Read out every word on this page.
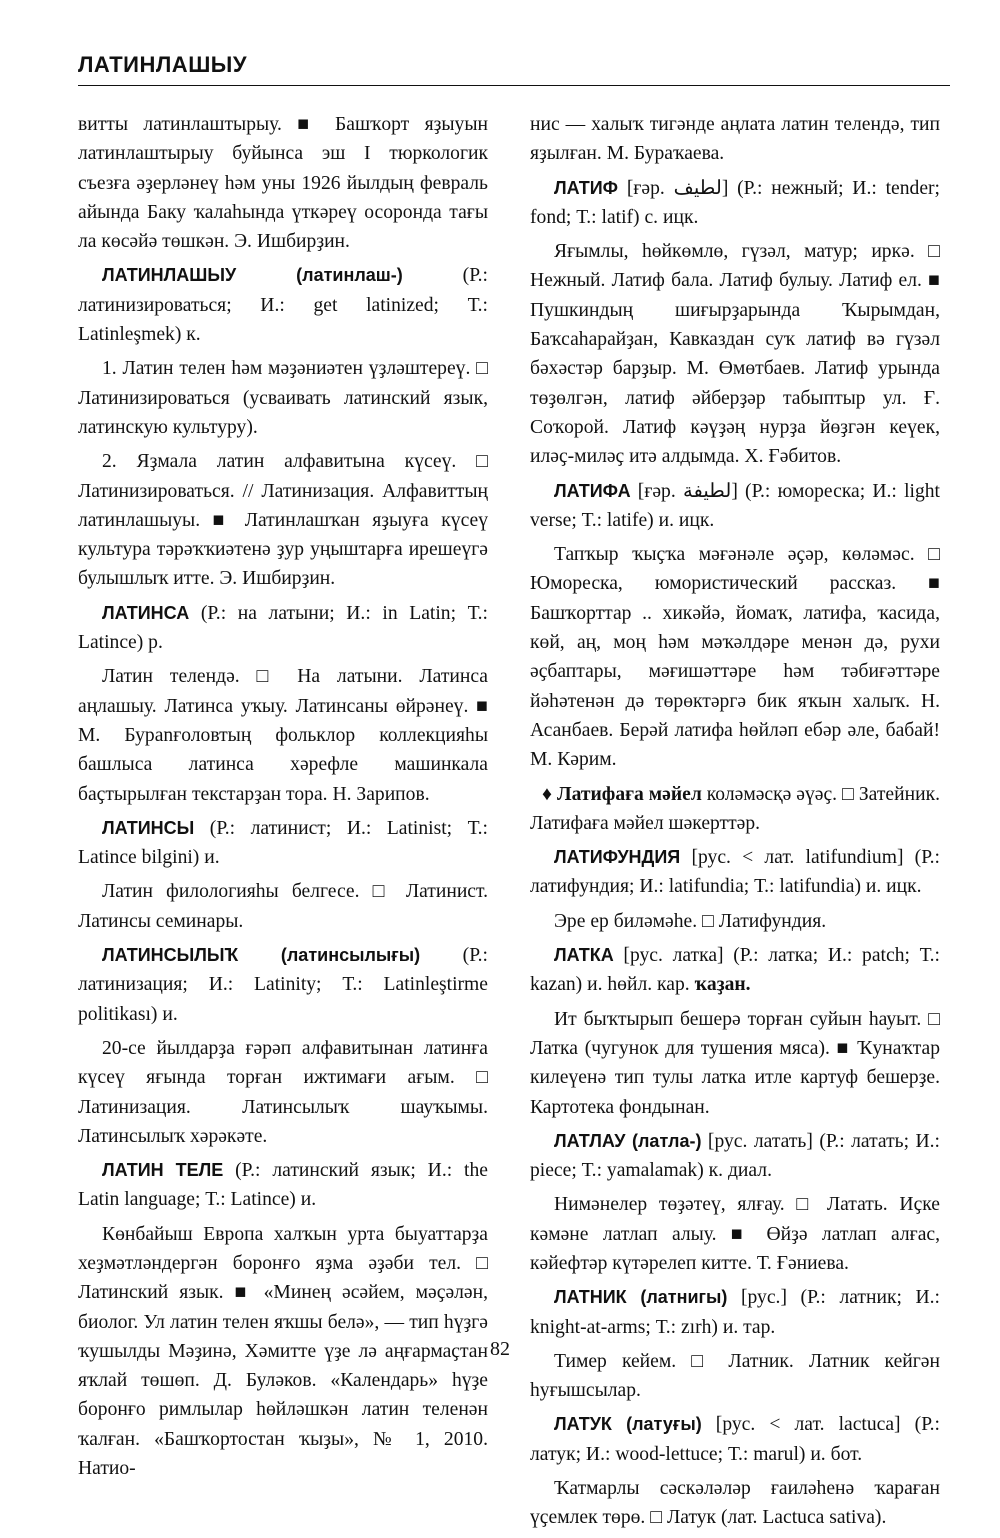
ЛАТИНЛАШЫУ

витты латинлаштырыу. ■ Башҡорт яҙыуын латинлаштырыу буйынса эш I тюркологик съезға әҙерләнеү һәм уны 1926 йылдың февраль айында Баку ҡалаһында үткәреү осоронда тағы ла көсәйә төшкән. Э. Ишбирҙин.

ЛАТИНЛАШЫУ (латинлаш-) (Р.: латинизироваться; И.: get latinized; Т.: Latinleşmek) к.

1. Латин телен һәм мәҙәниәтен үҙләштереү. □ Латинизироваться (усваивать латинский язык, латинскую культуру).

2. Яҙмала латин алфавитына күсеү. □ Латинизироваться. // Латинизация. Алфавиттың латинлашыуы. ■ Латинлашҡан яҙыуға күсеү культура тәрәҡҡиәтенә ҙур уңыштарға ирешеүгә булышлыҡ итте. Э. Ишбирҙин.

ЛАТИНСА (Р.: на латыни; И.: in Latin; Т.: Latince) р.

Латин телендә. □ На латыни. Латинса аңлашыу. Латинса уҡыу. Латинсаны өйрәнеү. ■ М. Бурanғоловтың фольклор коллекцияһы башлыса латинса хәрефле машинкала баҫтырылған текстарҙан тора. Н. Зарипов.

ЛАТИНСЫ (Р.: латинист; И.: Latinist; Т.: Latince bilgini) и.

Латин филологияһы белгесе. □ Латинист. Латинсы семинары.

ЛАТИНСЫЛЫҠ (латинсылығы) (Р.: латинизация; И.: Latinity; Т.: Latinleştirme politikası) и.

20-се йылдарҙа ғәрәп алфавитынан латинға күсеү яғында торған ижтимағи ағым. □ Латинизация. Латинсылыҡ шауҡымы. Латинсылыҡ хәрәкәте.

ЛАТИН ТЕЛЕ (Р.: латинский язык; И.: the Latin language; Т.: Latince) и.

Көнбайыш Европа халҡын урта быуаттарҙа хеҙмәтләндергән боронғо яҙма әҙәби тел. □ Латинский язык. ■ «Минең әсәйем, мәҫәлән, биолог. Ул латин телен яҡшы белә», — тип һүҙгә ҡушылды Мәҙинә, Хәмитте үҙе лә аңғармаҫтан яҡлай төшөп. Д. Буләков. «Календарь» һүҙе боронғо римлылар һөйләшкән латин теленән ҡалған. «Башҡортостан ҡыҙы», № 1, 2010. Натио-

нис — халыҡ тигәнде аңлата латин телендә, тип яҙылған. М. Бураҡаева.

ЛАТИФ [ғәр. لطيف] (Р.: нежный; И.: tender; fond; Т.: latif) с. ицк.

Яғымлы, һөйкөмлө, гүзәл, матур; иркә. □ Нежный. Латиф бала. Латиф булыу. Латиф ел. ■ Пушкиндың шиғырҙарында Ҡырымдан, Баҡсаһарайҙан, Кавказдан суҡ латиф вә гүзәл бәхәстәр барҙыр. М. Өмөтбаев. Латиф урында төҙөлгән, латиф әйберҙәр табыптыр ул. Ғ. Соҡорой. Латиф кәүҙәң нурҙа йөҙгән кеүек, иләҫ-миләҫ итә алдымда. Х. Ғәбитов.

ЛАТИФА [ғәр. لطيفة] (Р.: юмореска; И.: light verse; Т.: latife) и. ицк.

Тапҡыр ҡыҫҡа мәғәнәле әҫәр, көләмәс. □ Юмореска, юмористический рассказ. ■ Башҡорттар .. хикәйә, йомаҡ, латифа, ҡасида, көй, аң, моң һәм мәҡәлдәре менән дә, рухи әҫбаптары, мәғишәттәре һәм тәбиғәттәре йәһәтенән дә төрөктәргә бик яҡын халыҡ. Н. Асанбаев. Берәй латифа һөйләп ебәр әле, бабай! М. Кәрим.

♦ Латифаға мәйел коләмәсқә әүәҫ. □ Затейник. Латифаға мәйел шәкерттәр.

ЛАТИФУНДИЯ [рус. < лат. latifundium] (Р.: латифундия; И.: latifundia; Т.: latifundia) и. ицк.

Эре ер биләмәһе. □ Латифундия.

ЛАТКА [рус. латка] (Р.: латка; И.: patch; Т.: kazan) и. һөйл. кар. ҡаҙан.

Ит быҡтырып бешерә торған суйын һауыт. □ Латка (чугунок для тушения мяса). ■ Ҡунаҡтар килеүенә тип тулы латка итле картуф бешерҙе. Картотека фондынан.

ЛАТЛАУ (латла-) [рус. латать] (Р.: латать; И.: piece; Т.: yamalamak) к. диал.

Нимәнелер төҙәтеү, ялғау. □ Латать. Иҫке кәмәне латлап алыу. ■ Өйҙә латлап алғас, кәйефтәр күтәрелеп китте. Т. Ғәниева.

ЛАТНИК (латнигы) [рус.] (Р.: латник; И.: knight-at-arms; Т.: zırh) и. тар.

Тимер кейем. □ Латник. Латник кейгән һуғышсылар.

ЛАТУК (латуғы) [рус. < лат. lactuca] (Р.: латук; И.: wood-lettuce; Т.: marul) и. бот.

Ҡатмарлы сәскәләләр ғаиләһенә ҡараған үҫемлек төрө. □ Латук (лат. Lactuca sativa).

82
